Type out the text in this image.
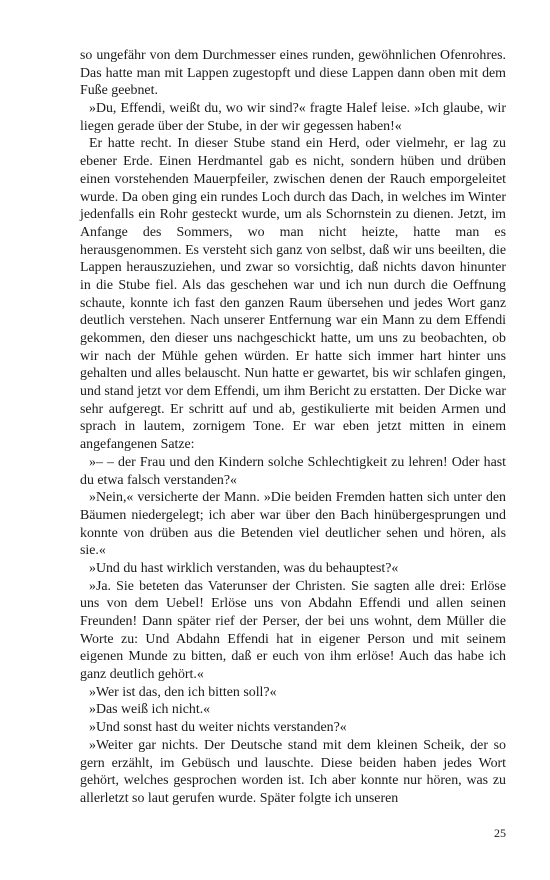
so ungefähr von dem Durchmesser eines runden, gewöhnlichen Ofenrohres. Das hatte man mit Lappen zugestopft und diese Lappen dann oben mit dem Fuße geebnet.

»Du, Effendi, weißt du, wo wir sind?« fragte Halef leise. »Ich glaube, wir liegen gerade über der Stube, in der wir gegessen haben!«

Er hatte recht. In dieser Stube stand ein Herd, oder vielmehr, er lag zu ebener Erde. Einen Herdmantel gab es nicht, sondern hüben und drüben einen vorstehenden Mauerpfeiler, zwischen denen der Rauch emporgeleitet wurde. Da oben ging ein rundes Loch durch das Dach, in welches im Winter jedenfalls ein Rohr gesteckt wurde, um als Schornstein zu dienen. Jetzt, im Anfange des Sommers, wo man nicht heizte, hatte man es herausgenommen. Es versteht sich ganz von selbst, daß wir uns beeilten, die Lappen herauszuziehen, und zwar so vorsichtig, daß nichts davon hinunter in die Stube fiel. Als das geschehen war und ich nun durch die Oeffnung schaute, konnte ich fast den ganzen Raum übersehen und jedes Wort ganz deutlich verstehen. Nach unserer Entfernung war ein Mann zu dem Effendi gekommen, den dieser uns nachgeschickt hatte, um uns zu beobachten, ob wir nach der Mühle gehen würden. Er hatte sich immer hart hinter uns gehalten und alles belauscht. Nun hatte er gewartet, bis wir schlafen gingen, und stand jetzt vor dem Effendi, um ihm Bericht zu erstatten. Der Dicke war sehr aufgeregt. Er schritt auf und ab, gestikulierte mit beiden Armen und sprach in lautem, zornigem Tone. Er war eben jetzt mitten in einem angefangenen Satze:

»– – der Frau und den Kindern solche Schlechtigkeit zu lehren! Oder hast du etwa falsch verstanden?«

»Nein,« versicherte der Mann. »Die beiden Fremden hatten sich unter den Bäumen niedergelegt; ich aber war über den Bach hinübergesprungen und konnte von drüben aus die Betenden viel deutlicher sehen und hören, als sie.«

»Und du hast wirklich verstanden, was du behauptest?«

»Ja. Sie beteten das Vaterunser der Christen. Sie sagten alle drei: Erlöse uns von dem Uebel! Erlöse uns von Abdahn Effendi und allen seinen Freunden! Dann später rief der Perser, der bei uns wohnt, dem Müller die Worte zu: Und Abdahn Effendi hat in eigener Person und mit seinem eigenen Munde zu bitten, daß er euch von ihm erlöse! Auch das habe ich ganz deutlich gehört.«

»Wer ist das, den ich bitten soll?«

»Das weiß ich nicht.«

»Und sonst hast du weiter nichts verstanden?«

»Weiter gar nichts. Der Deutsche stand mit dem kleinen Scheik, der so gern erzählt, im Gebüsch und lauschte. Diese beiden haben jedes Wort gehört, welches gesprochen worden ist. Ich aber konnte nur hören, was zu allerletzt so laut gerufen wurde. Später folgte ich unseren

25
